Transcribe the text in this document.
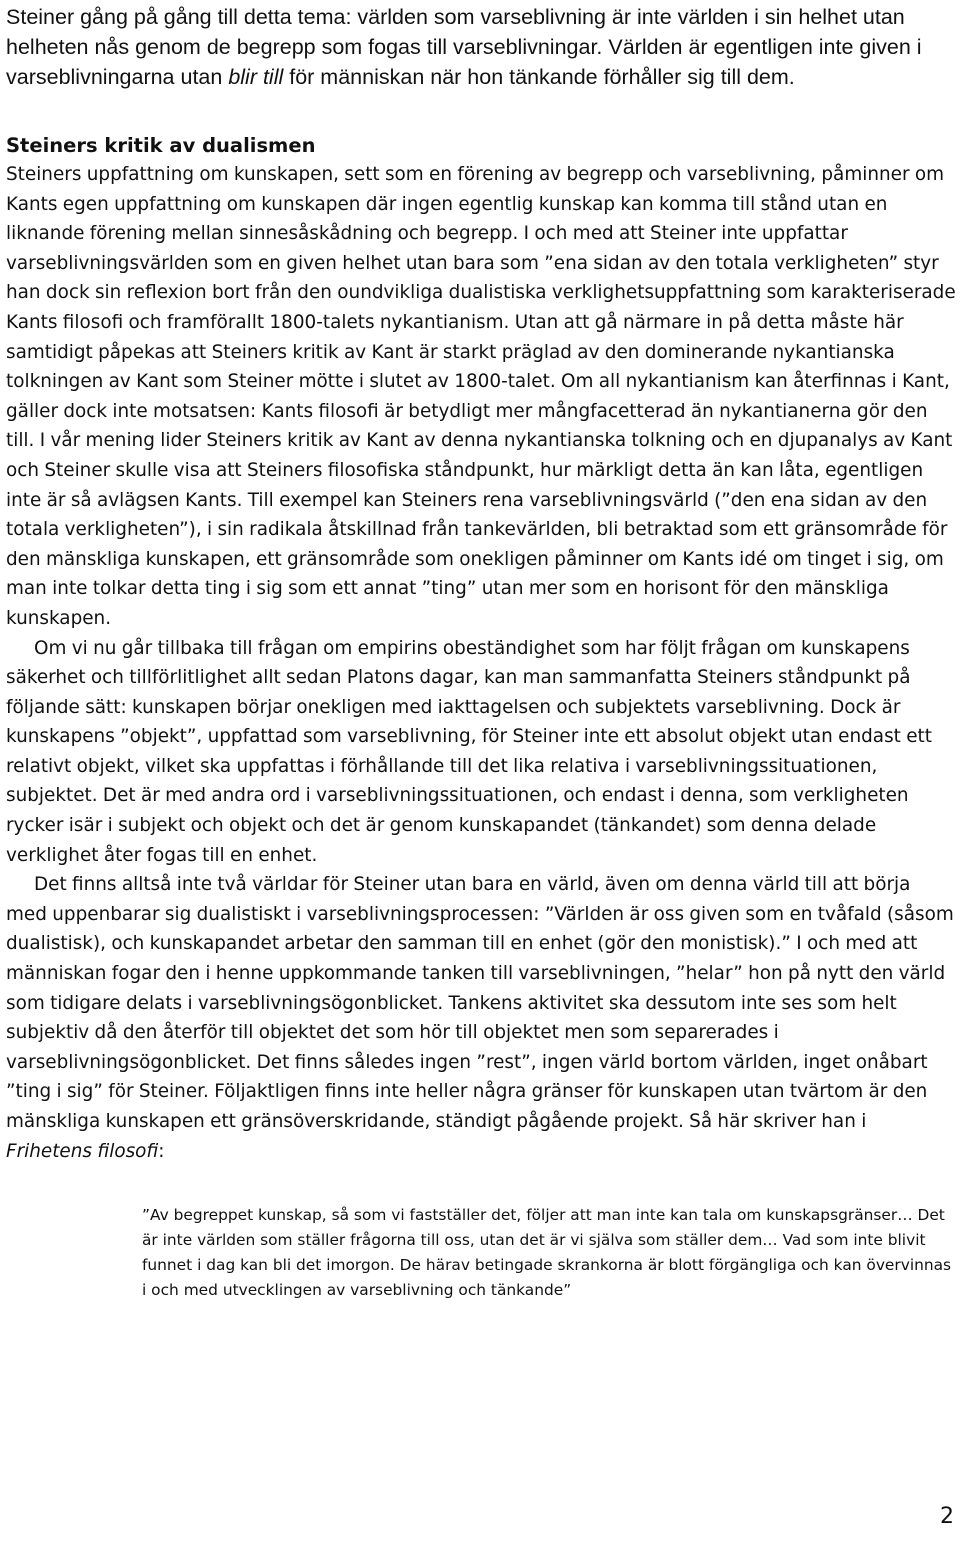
Steiner gång på gång till detta tema: världen som varseblivning är inte världen i sin helhet utan helheten nås genom de begrepp som fogas till varseblivningar. Världen är egentligen inte given i varseblivningarna utan blir till för människan när hon tänkande förhåller sig till dem.

Steiners kritik av dualismen

Steiners uppfattning om kunskapen, sett som en förening av begrepp och varseblivning, påminner om Kants egen uppfattning om kunskapen där ingen egentlig kunskap kan komma till stånd utan en liknande förening mellan sinnesåskådning och begrepp. I och med att Steiner inte uppfattar varseblivningsvärlden som en given helhet utan bara som ”ena sidan av den totala verkligheten” styr han dock sin reflexion bort från den oundvikliga dualistiska verklighetsuppfattning som karakteriserade Kants filosofi och framförallt 1800-talets nykantianism. Utan att gå närmare in på detta måste här samtidigt påpekas att Steiners kritik av Kant är starkt präglad av den dominerande nykantianska tolkningen av Kant som Steiner mötte i slutet av 1800-talet. Om all nykantianism kan återfinnas i Kant, gäller dock inte motsatsen: Kants filosofi är betydligt mer mångfacetterad än nykantianerna gör den till. I vår mening lider Steiners kritik av Kant av denna nykantianska tolkning och en djupanalys av Kant och Steiner skulle visa att Steiners filosofiska ståndpunkt, hur märkligt detta än kan låta, egentligen inte är så avlägsen Kants. Till exempel kan Steiners rena varseblivningsvärld (”den ena sidan av den totala verkligheten”), i sin radikala åtskillnad från tankevärlden, bli betraktad som ett gränsområde för den mänskliga kunskapen, ett gränsområde som onekligen påminner om Kants idé om tinget i sig, om man inte tolkar detta ting i sig som ett annat ”ting” utan mer som en horisont för den mänskliga kunskapen.

Om vi nu går tillbaka till frågan om empirins obeständighet som har följt frågan om kunskapens säkerhet och tillförlitlighet allt sedan Platons dagar, kan man sammanfatta Steiners ståndpunkt på följande sätt: kunskapen börjar onekligen med iakttagelsen och subjektets varseblivning. Dock är kunskapens ”objekt”, uppfattad som varseblivning, för Steiner inte ett absolut objekt utan endast ett relativt objekt, vilket ska uppfattas i förhållande till det lika relativa i varseblivningssituationen, subjektet. Det är med andra ord i varseblivningssituationen, och endast i denna, som verkligheten rycker isär i subjekt och objekt och det är genom kunskapandet (tänkandet) som denna delade verklighet åter fogas till en enhet.

Det finns alltså inte två världar för Steiner utan bara en värld, även om denna värld till att börja med uppenbarar sig dualistiskt i varseblivningsprocessen: ”Världen är oss given som en tvåfald (såsom dualistisk), och kunskapandet arbetar den samman till en enhet (gör den monistisk).” I och med att människan fogar den i henne uppkommande tanken till varseblivningen, ”helar” hon på nytt den värld som tidigare delats i varseblivningsögonblicket. Tankens aktivitet ska dessutom inte ses som helt subjektiv då den återför till objektet det som hör till objektet men som separerades i varseblivningsögonblicket. Det finns således ingen ”rest”, ingen värld bortom världen, inget onåbart ”ting i sig” för Steiner. Följaktligen finns inte heller några gränser för kunskapen utan tvärtom är den mänskliga kunskapen ett gränsöverskridande, ständigt pågående projekt. Så här skriver han i Frihetens filosofi:

”Av begreppet kunskap, så som vi fastställer det, följer att man inte kan tala om kunskapsgränser… Det är inte världen som ställer frågorna till oss, utan det är vi själva som ställer dem… Vad som inte blivit funnet i dag kan bli det imorgon. De härav betingade skrankorna är blott förgängliga och kan övervinnas i och med utvecklingen av varseblivning och tänkande”

2
